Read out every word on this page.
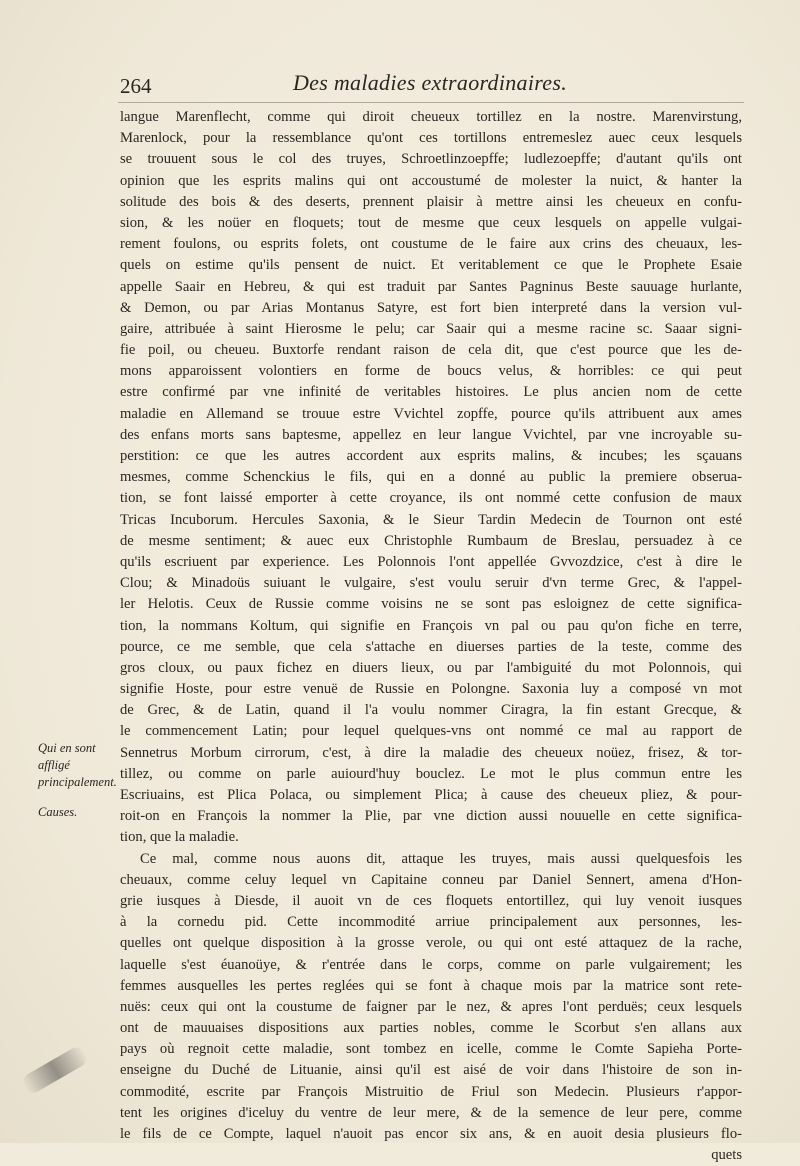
264	Des maladies extraordinaires.
Qui en sont affligé principalement.
Causes.
langue Marenflecht, comme qui diroit cheueux tortillez en la nostre. Marenvirstung,
Marenlock, pour la ressemblance qu'ont ces tortillons entremeslez auec ceux lesquels
se trouuent sous le col des truyes, Schroetlinzoepffe; ludlezoepffe; d'autant qu'ils ont
opinion que les esprits malins qui ont accoustumé de molester la nuict, & hanter la
solitude des bois & des deserts, prennent plaisir à mettre ainsi les cheueux en confu-
sion, & les noüer en floquets; tout de mesme que ceux lesquels on appelle vulgai-
rement foulons, ou esprits folets, ont coustume de le faire aux crins des cheuaux, les-
quels on estime qu'ils pensent de nuict. Et veritablement ce que le Prophete Esaie
appelle Saair en Hebreu, & qui est traduit par Santes Pagninus Beste sauuage hurlante,
& Demon, ou par Arias Montanus Satyre, est fort bien interpreté dans la version vul-
gaire, attribuée à saint Hierosme le pelu; car Saair qui a mesme racine sc. Saaar signi-
fie poil, ou cheueu. Buxtorfe rendant raison de cela dit, que c'est pource que les de-
mons apparoissent volontiers en forme de boucs velus, & horribles: ce qui peut
estre confirmé par vne infinité de veritables histoires. Le plus ancien nom de cette
maladie en Allemand se trouue estre Vvichtel zopffe, pource qu'ils attribuent aux ames
des enfans morts sans baptesme, appellez en leur langue Vvichtel, par vne incroyable su-
perstition: ce que les autres accordent aux esprits malins, & incubes; les sçauans
mesmes, comme Schenckius le fils, qui en a donné au public la premiere obserua-
tion, se font laissé emporter à cette croyance, ils ont nommé cette confusion de maux
Tricas Incuborum. Hercules Saxonia, & le Sieur Tardin Medecin de Tournon ont esté
de mesme sentiment; & auec eux Christophle Rumbaum de Breslau, persuadez à ce
qu'ils escriuent par experience. Les Polonnois l'ont appellée Gvvozdzice, c'est à dire le
Clou; & Minadoüs suiuant le vulgaire, s'est voulu seruir d'vn terme Grec, & l'appel-
ler Helotis. Ceux de Russie comme voisins ne se sont pas esloignez de cette significa-
tion, la nommans Koltum, qui signifie en François vn pal ou pau qu'on fiche en terre,
pource, ce me semble, que cela s'attache en diuerses parties de la teste, comme des
gros cloux, ou paux fichez en diuers lieux, ou par l'ambiguité du mot Polonnois, qui
signifie Hoste, pour estre venuë de Russie en Polongne. Saxonia luy a composé vn mot
de Grec, & de Latin, quand il l'a voulu nommer Ciragra, la fin estant Grecque, &
le commencement Latin; pour lequel quelques-vns ont nommé ce mal au rapport de
Sennetrus Morbum cirrorum, c'est, à dire la maladie des cheueux noüez, frisez, & tor-
tillez, ou comme on parle auiourd'huy bouclez. Le mot le plus commun entre les
Escriuains, est Plica Polaca, ou simplement Plica; à cause des cheueux pliez, & pour-
roit-on en François la nommer la Plie, par vne diction aussi nouuelle en cette significa-
tion, que la maladie.
Ce mal, comme nous auons dit, attaque les truyes, mais aussi quelquesfois les
cheuaux, comme celuy lequel vn Capitaine conneu par Daniel Sennert, amena d'Hon-
grie iusques à Diesde, il auoit vn de ces floquets entortillez, qui luy venoit iusques
à la cornedu pid. Cette incommodité arriue principalement aux personnes, les-
quelles ont quelque disposition à la grosse verole, ou qui ont esté attaquez de la rache,
laquelle s'est éuanoüye, & r'entrée dans le corps, comme on parle vulgairement; les
femmes ausquelles les pertes reglées qui se font à chaque mois par la matrice sont rete-
nuës: ceux qui ont la coustume de faigner par le nez, & apres l'ont perduës; ceux lesquels
ont de mauuaises dispositions aux parties nobles, comme le Scorbut s'en allans aux
pays où regnoit cette maladie, sont tombez en icelle, comme le Comte Sapieha Porte-
enseigne du Duché de Lituanie, ainsi qu'il est aisé de voir dans l'histoire de son in-
commodité, escrite par François Mistruitio de Friul son Medecin. Plusieurs r'appor-
tent les origines d'iceluy du ventre de leur mere, & de la semence de leur pere, comme
le fils de ce Compte, laquel n'auoit pas encor six ans, & en auoit desia plusieurs flo-
quets
